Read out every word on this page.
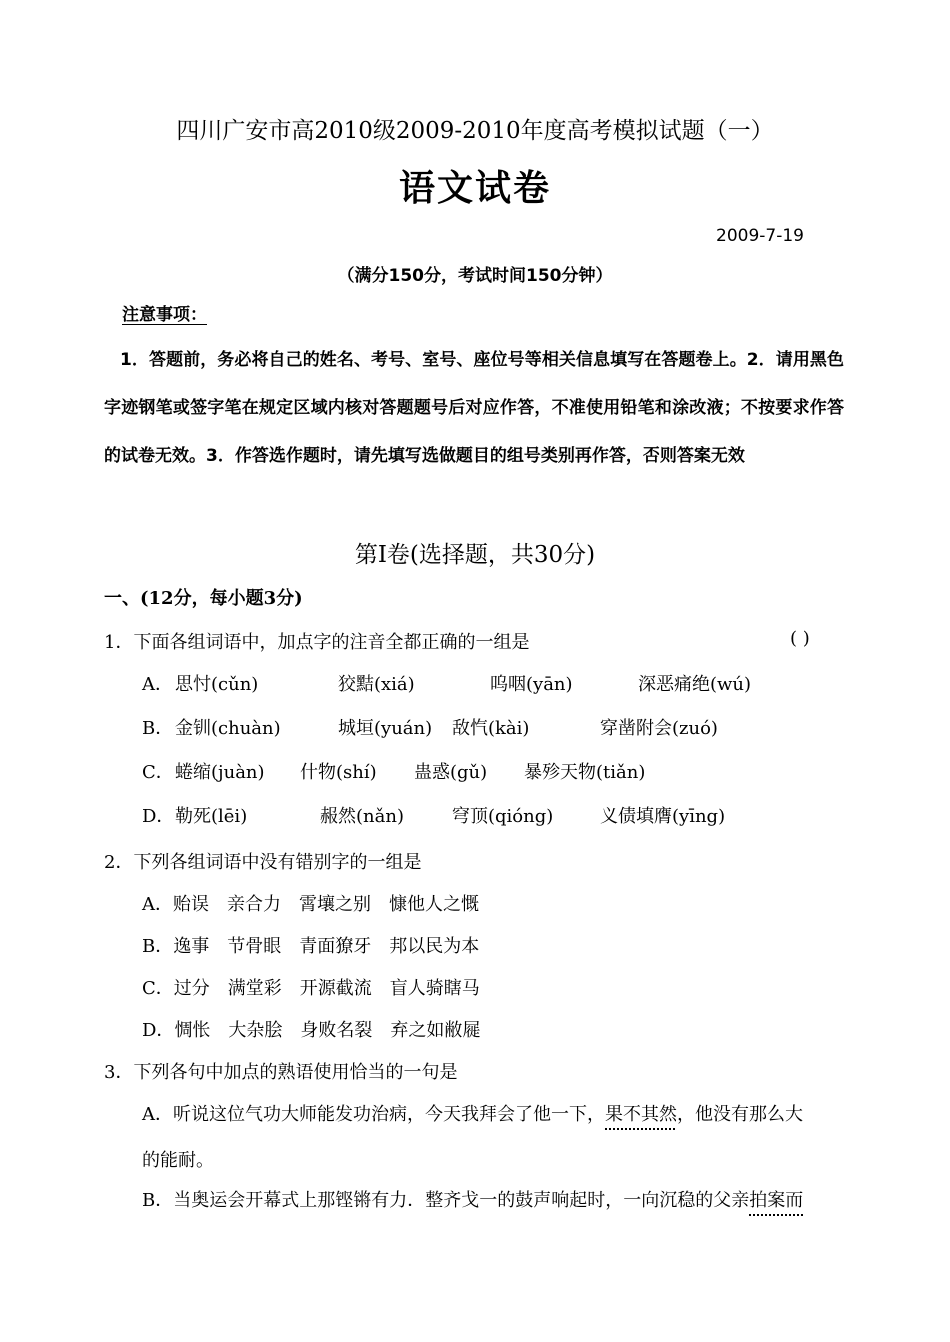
四川广安市高2010级2009-2010年度高考模拟试题（一）
语文试卷
2009-7-19
（满分150分，考试时间150分钟）
注意事项：
1．答题前，务必将自己的姓名、考号、室号、座位号等相关信息填写在答题卷上。2．请用黑色字迹钢笔或签字笔在规定区域内核对答题题号后对应作答，不准使用铅笔和涂改液；不按要求作答的试卷无效。3．作答选作题时，请先填写选做题目的组号类别再作答，否则答案无效
第Ⅰ卷(选择题，共30分)
一、(12分，每小题3分)
1．下面各组词语中，加点字的注音全都正确的一组是	( )
A． 思忖(cǔn)	狡黠(xiá)	呜咽(yān)	深恶痛绝(wú)
B． 金钏(chuàn)	城垣(yuán) 敌忾(kài)	穿凿附会(zuó)
C． 蜷缩(juàn) 什物(shí) 蛊惑(gǔ) 暴殄天物(tiǎn)
D． 勒死(lēi)	赧然(nǎn)	穹顶(qióng)	义债填膺(yīng)
2．下列各组词语中没有错别字的一组是
A．贻误　亲合力　霄壤之别　慷他人之慨
B．逸事　节骨眼　青面獠牙　邦以民为本
C．过分　满堂彩　开源截流　盲人骑瞎马
D．惆怅　大杂脍　身败名裂　弃之如敝屣
3．下列各句中加点的熟语使用恰当的一句是
A．听说这位气功大师能发功治病，今天我拜会了他一下，果不其然，他没有那么大
的能耐。
B．当奥运会开幕式上那铿锵有力．整齐戈一的鼓声响起时，一向沉稳的父亲拍案而
